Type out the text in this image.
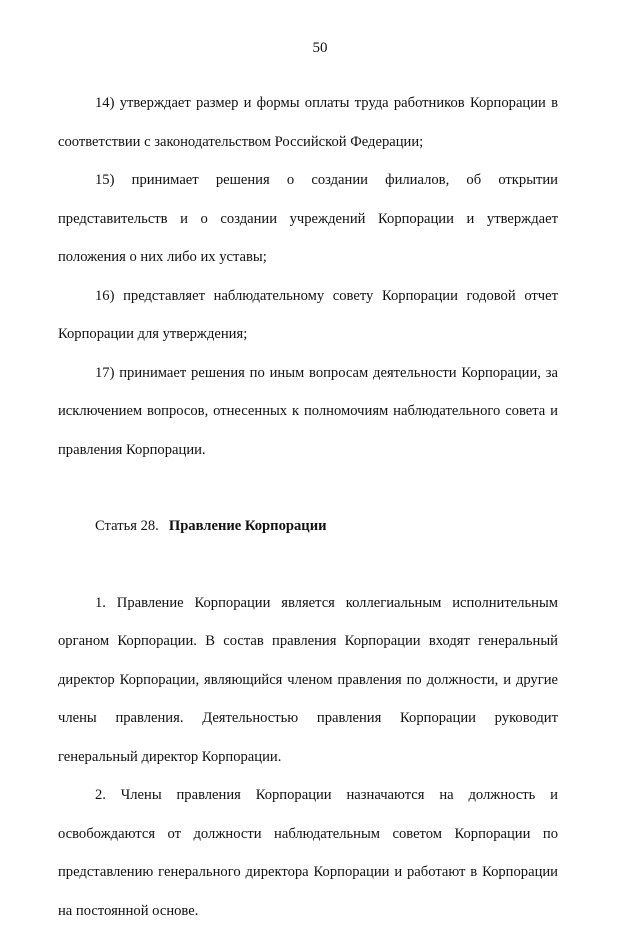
50

14) утверждает размер и формы оплаты труда работников Корпорации в соответствии с законодательством Российской Федерации;

15) принимает решения о создании филиалов, об открытии представительств и о создании учреждений Корпорации и утверждает положения о них либо их уставы;

16) представляет наблюдательному совету Корпорации годовой отчет Корпорации для утверждения;

17) принимает решения по иным вопросам деятельности Корпорации, за исключением вопросов, отнесенных к полномочиям наблюдательного совета и правления Корпорации.

Статья 28. Правление Корпорации

1. Правление Корпорации является коллегиальным исполнительным органом Корпорации. В состав правления Корпорации входят генеральный директор Корпорации, являющийся членом правления по должности, и другие члены правления. Деятельностью правления Корпорации руководит генеральный директор Корпорации.

2. Члены правления Корпорации назначаются на должность и освобождаются от должности наблюдательным советом Корпорации по представлению генерального директора Корпорации и работают в Корпорации на постоянной основе.
